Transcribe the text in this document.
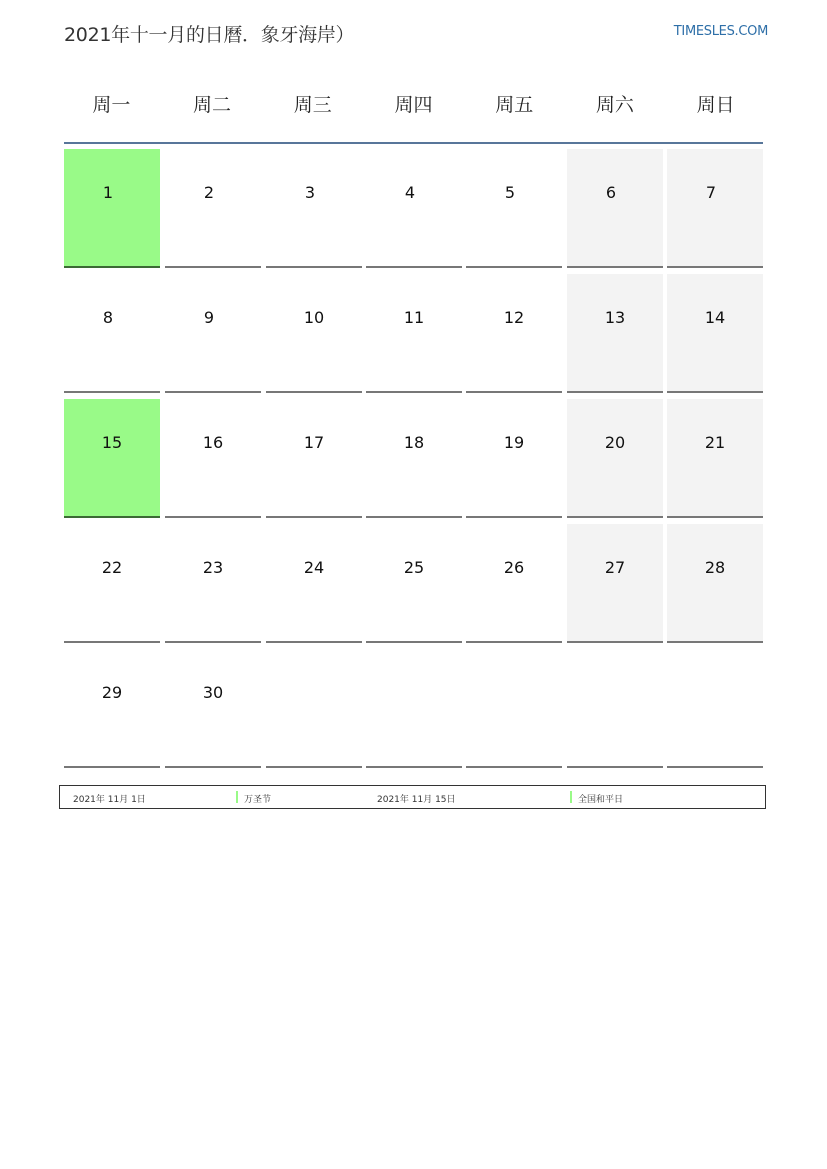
2021年十一月的日曆．象牙海岸）	TIMESLES.COM
周一	周二	周三	周四	周五	周六	周日
1	2	3	4	5	6	7
8	9	10	11	12	13	14
15	16	17	18	19	20	21
22	23	24	25	26	27	28
29	30
2021年 11月 1日	万圣节	2021年 11月 15日	全国和平日
